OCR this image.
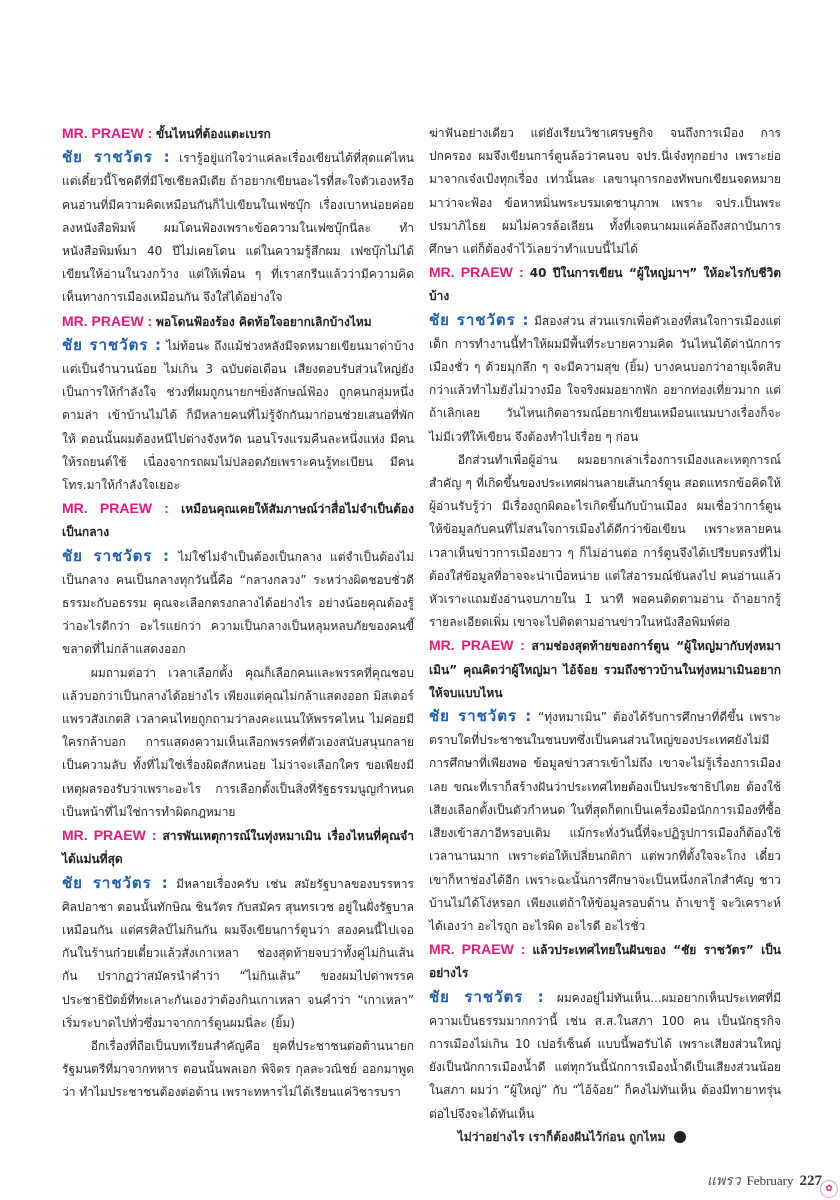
MR. PRAEW : ขั้นไหนที่ต้องแตะเบรก

ชัย ราชวัตร : เรารู้อยู่แก่ใจว่าแค่ละเรื่องเขียนได้ที่สุดแค่ไหน แต่เดี๋ยวนี้โชคดีที่มีโซเชียลมีเดีย ถ้าอยากเขียนอะไรที่สะใจตัวเองหรือคนอ่านที่มีความคิดเหมือนกันก็ไปเขียนในเฟซบุ๊ก เรื่องเบาหน่อยค่อยลงหนังสือพิมพ์ ผมโดนฟ้องเพราะข้อความในเฟซบุ๊กนี่ละ ทำหนังสือพิมพ์มา 40 ปีไม่เคยโดน แต่ในความรู้สึกผม เฟซบุ๊กไม่ได้เขียนให้อ่านในวงกว้าง แต่ให้เพื่อน ๆ ที่เราสกรีนแล้วว่ามีความคิดเห็นทางการเมืองเหมือนกัน จึงใส่ได้อย่างใจ

MR. PRAEW : พอโดนฟ้องร้อง คิดท้อใจอยากเลิกบ้างไหม

ชัย ราชวัตร : ไม่ท้อนะ ถึงแม้ช่วงหลังมีจดหมายเขียนมาด่าบ้างแต่เป็นจำนวนน้อย ไม่เกิน 3 ฉบับต่อเดือน เสียงตอบรับส่วนใหญ่ยังเป็นการให้กำลังใจ ช่วงที่ผมถูกนายกฯยิ่งลักษณ์ฟ้อง ถูกคนกลุ่มหนึ่งตามล่า เข้าบ้านไม่ได้ ก็มีหลายคนที่ไม่รู้จักกันมาก่อนช่วยเสนอที่พักให้ ตอนนั้นผมต้องหนีไปต่างจังหวัด นอนโรงแรมคืนละหนึ่งแห่ง มีคนให้รถยนต์ใช้ เนื่องจากรถผมไม่ปลอดภัยเพราะคนรู้ทะเบียน มีคนโทร.มาให้กำลังใจเยอะ

MR. PRAEW : เหมือนคุณเคยให้สัมภาษณ์ว่าสื่อไม่จำเป็นต้องเป็นกลาง

ชัย ราชวัตร : ไม่ใช่ไม่จำเป็นต้องเป็นกลาง แต่จำเป็นต้องไม่เป็นกลาง คนเป็นกลางทุกวันนี้คือ “กลางกลวง” ระหว่างผิดชอบชั่วดี ธรรมะกับอธรรม คุณจะเลือกตรงกลางได้อย่างไร อย่างน้อยคุณต้องรู้ว่าอะไรดีกว่า อะไรแย่กว่า ความเป็นกลางเป็นหลุมหลบภัยของคนขี้ขลาดที่ไม่กล้าแสดงออก

ผมถามต่อว่า เวลาเลือกตั้ง คุณก็เลือกคนและพรรคที่คุณชอบแล้วบอกว่าเป็นกลางได้อย่างไร เพียงแต่คุณไม่กล้าแสดงออก มิสเตอร์แพรวสังเกตสิ เวลาคนไทยถูกถามว่าลงคะแนนให้พรรคไหน ไม่ค่อยมีใครกล้าบอก การแสดงความเห็นเลือกพรรคที่ตัวเองสนับสนุนกลายเป็นความลับ ทั้งที่ไม่ใช่เรื่องผิดสักหน่อย ไม่ว่าจะเลือกใคร ขอเพียงมีเหตุผลรองรับว่าเพราะอะไร การเลือกตั้งเป็นสิ่งที่รัฐธรรมนูญกำหนด เป็นหน้าที่ไม่ใช่การทำผิดกฎหมาย

MR. PRAEW : สารพันเหตุการณ์ในทุ่งหมาเมิน เรื่องไหนที่คุณจำได้แม่นที่สุด

ชัย ราชวัตร : มีหลายเรื่องครับ เช่น สมัยรัฐบาลของบรรหาร ศิลปอาชา ตอนนั้นทักษิณ ชินวัตร กับสมัคร สุนทรเวช อยู่ในฝั่งรัฐบาลเหมือนกัน แต่ศรศิลป์ไม่กินกัน ผมจึงเขียนการ์ตูนว่า สองคนนี้ไปเจอกันในร้านก๋วยเตี๋ยวแล้วสั่งเกาเหลา ช่องสุดท้ายจบว่าทั้งคู่ไม่กินเส้นกัน ปรากฏว่าสมัครนำคำว่า “ไม่กินเส้น” ของผมไปด่าพรรคประชาธิปัตย์ที่ทะเลาะกันเองว่าต้องกินเกาเหลา จนคำว่า “เกาเหลา” เริ่มระบาดไปทั่วซึ่งมาจากการ์ตูนผมนี่ละ (ยิ้ม)

อีกเรื่องที่ถือเป็นบทเรียนสำคัญคือ ยุคที่ประชาชนต่อต้านนายกรัฐมนตรีที่มาจากทหาร ตอนนั้นพลเอก พิจิตร กุลละวณิชย์ ออกมาพูดว่า ทำไมประชาชนต้องต่อต้าน เพราะทหารไม่ได้เรียนแค่วิชารบรา

ฆ่าฟันอย่างเดียว แต่ยังเรียนวิชาเศรษฐกิจ จนถึงการเมือง การปกครอง ผมจึงเขียนการ์ตูนล้อว่าคนจบ จปร.นี่เจ๋งทุกอย่าง เพราะย่อมาจากเจ๋งเป้งทุกเรื่อง เท่านั้นละ เลขานุการกองทัพบกเขียนจดหมายมาว่าจะฟ้อง ข้อหาหมิ่นพระบรมเดชานุภาพ เพราะ จปร.เป็นพระปรมาภิไธย ผมไม่ควรล้อเลียน ทั้งที่เจตนาผมแค่ล้อถึงสถาบันการศึกษา แต่ก็ต้องจำไว้เลยว่าทำแบบนี้ไม่ได้

MR. PRAEW : 40 ปีในการเขียน “ผู้ใหญ่มาฯ” ให้อะไรกับชีวิตบ้าง

ชัย ราชวัตร : มีสองส่วน ส่วนแรกเพื่อตัวเองที่สนใจการเมืองแต่เด็ก การทำงานนี้ทำให้ผมมีพื้นที่ระบายความคิด วันไหนได้ด่านักการเมืองชั่ว ๆ ด้วยมุกลึก ๆ จะมีความสุข (ยิ้ม) บางคนบอกว่าอายุเจ็ดสิบกว่าแล้วทำไมยังไม่วางมือ ใจจริงผมอยากพัก อยากท่องเที่ยวมาก แต่ถ้าเลิกเลย วันไหนเกิดอารมณ์อยากเขียนเหมือนแนมบางเรื่องก็จะไม่มีเวทีให้เขียน จึงต้องทำไปเรื่อย ๆ ก่อน

อีกส่วนทำเพื่อผู้อ่าน ผมอยากเล่าเรื่องการเมืองและเหตุการณ์สำคัญ ๆ ที่เกิดขึ้นของประเทศผ่านลายเส้นการ์ตูน สอดแทรกข้อคิดให้ผู้อ่านรับรู้ว่า มีเรื่องถูกผิดอะไรเกิดขึ้นกับบ้านเมือง ผมเชื่อว่าการ์ตูนให้ข้อมูลกับคนที่ไม่สนใจการเมืองได้ดีกว่าข้อเขียน เพราะหลายคนเวลาเห็นข่าวการเมืองยาว ๆ ก็ไม่อ่านต่อ การ์ตูนจึงได้เปรียบตรงที่ไม่ต้องใส่ข้อมูลที่อาจจะน่าเบื่อหน่าย แต่ใส่อารมณ์ขันลงไป คนอ่านแล้วหัวเราะแถมยังอ่านจบภายใน 1 นาที พอคนติดตามอ่าน ถ้าอยากรู้รายละเอียดเพิ่ม เขาจะไปติดตามอ่านข่าวในหนังสือพิมพ์ต่อ

MR. PRAEW : สามช่องสุดท้ายของการ์ตูน “ผู้ใหญ่มากับทุ่งหมาเมิน” คุณคิดว่าผู้ใหญ่มา ไอ้จ้อย รวมถึงชาวบ้านในทุ่งหมาเมินอยากให้จบแบบไหน

ชัย ราชวัตร : “ทุ่งหมาเมิน” ต้องได้รับการศึกษาที่ดีขึ้น เพราะตราบใดที่ประชาชนในชนบทซึ่งเป็นคนส่วนใหญ่ของประเทศยังไม่มีการศึกษาที่เพียงพอ ข้อมูลข่าวสารเข้าไม่ถึง เขาจะไม่รู้เรื่องการเมืองเลย ขณะที่เราก็สร้างฝันว่าประเทศไทยต้องเป็นประชาธิปไตย ต้องใช้เสียงเลือกตั้งเป็นตัวกำหนด ในที่สุดก็ตกเป็นเครื่องมือนักการเมืองที่ซื้อเสียงเข้าสภาอีหรอบเดิม แม้กระทั่งวันนี้ที่จะปฏิรูปการเมืองก็ต้องใช้เวลานานมาก เพราะต่อให้เปลี่ยนกติกา แต่พวกที่ตั้งใจจะโกง เดี๋ยวเขาก็หาช่องได้อีก เพราะฉะนั้นการศึกษาจะเป็นหนึ่งกลไกสำคัญ ชาวบ้านไม่ได้โง่หรอก เพียงแต่ถ้าให้ข้อมูลรอบด้าน ถ้าเขารู้ จะวิเคราะห์ได้เองว่า อะไรถูก อะไรผิด อะไรดี อะไรชั่ว

MR. PRAEW : แล้วประเทศไทยในฝันของ “ชัย ราชวัตร” เป็นอย่างไร

ชัย ราชวัตร : ผมคงอยู่ไม่ทันเห็น...ผมอยากเห็นประเทศที่มีความเป็นธรรมมากกว่านี้ เช่น ส.ส.ในสภา 100 คน เป็นนักธุรกิจการเมืองไม่เกิน 10 เปอร์เซ็นต์ แบบนี้พอรับได้ เพราะเสียงส่วนใหญ่ยังเป็นนักการเมืองน้ำดี แต่ทุกวันนี้นักการเมืองน้ำดีเป็นเสียงส่วนน้อยในสภา ผมว่า “ผู้ใหญ่” กับ “ไอ้จ้อย” ก็คงไม่ทันเห็น ต้องมีทายาทรุ่นต่อไปจึงจะได้ทันเห็น

ไม่ว่าอย่างไร เราก็ต้องฝันไว้ก่อน ถูกไหม	✿

แพรว February 227 ✿
